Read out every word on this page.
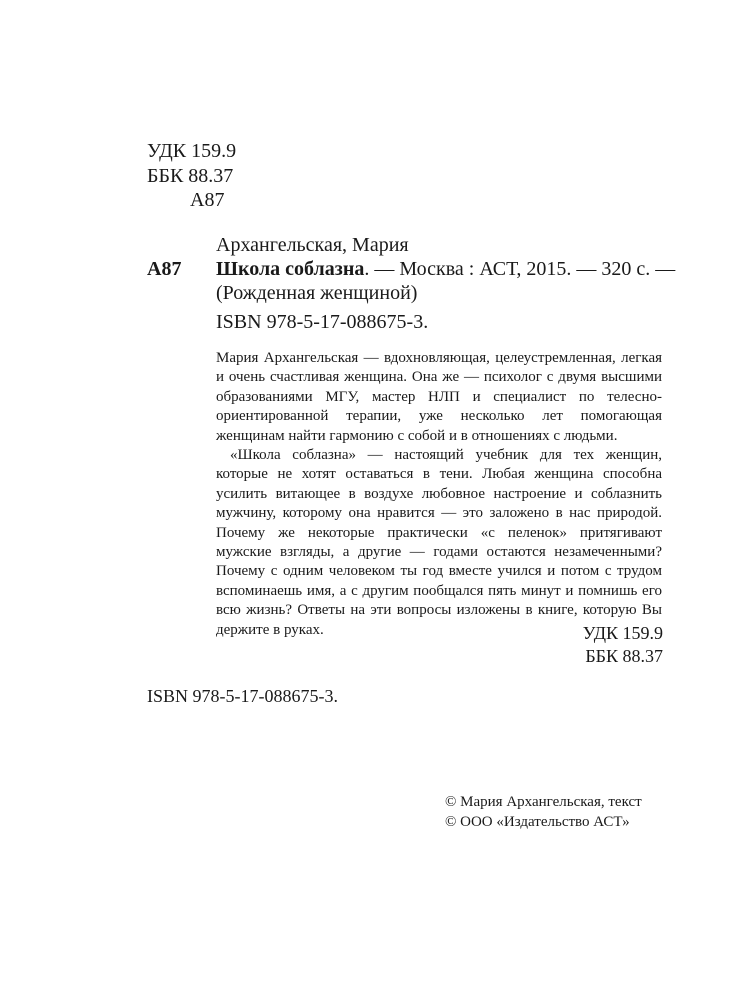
УДК 159.9
ББК 88.37
А87
Архангельская, Мария
А87 Школа соблазна. — Москва : АСТ, 2015. — 320 с. —
(Рожденная женщиной)
ISBN 978-5-17-088675-3.

Мария Архангельская — вдохновляющая, целеустремленная, легкая и очень счастливая женщина. Она же — психолог с двумя высшими образованиями МГУ, мастер НЛП и специалист по телесно-ориентированной терапии, уже несколько лет помогающая женщинам найти гармонию с собой и в отношениях с людьми.

«Школа соблазна» — настоящий учебник для тех женщин, которые не хотят оставаться в тени. Любая женщина способна усилить витающее в воздухе любовное настроение и соблазнить мужчину, которому она нравится — это заложено в нас природой. Почему же некоторые практически «с пеленок» притягивают мужские взгляды, а другие — годами остаются незамеченными? Почему с одним человеком ты год вместе учился и потом с трудом вспоминаешь имя, а с другим пообщался пять минут и помнишь его всю жизнь? Ответы на эти вопросы изложены в книге, которую Вы держите в руках.	УДК 159.9
ББК 88.37
ISBN 978-5-17-088675-3.
© Мария Архангельская, текст
© ООО «Издательство АСТ»
